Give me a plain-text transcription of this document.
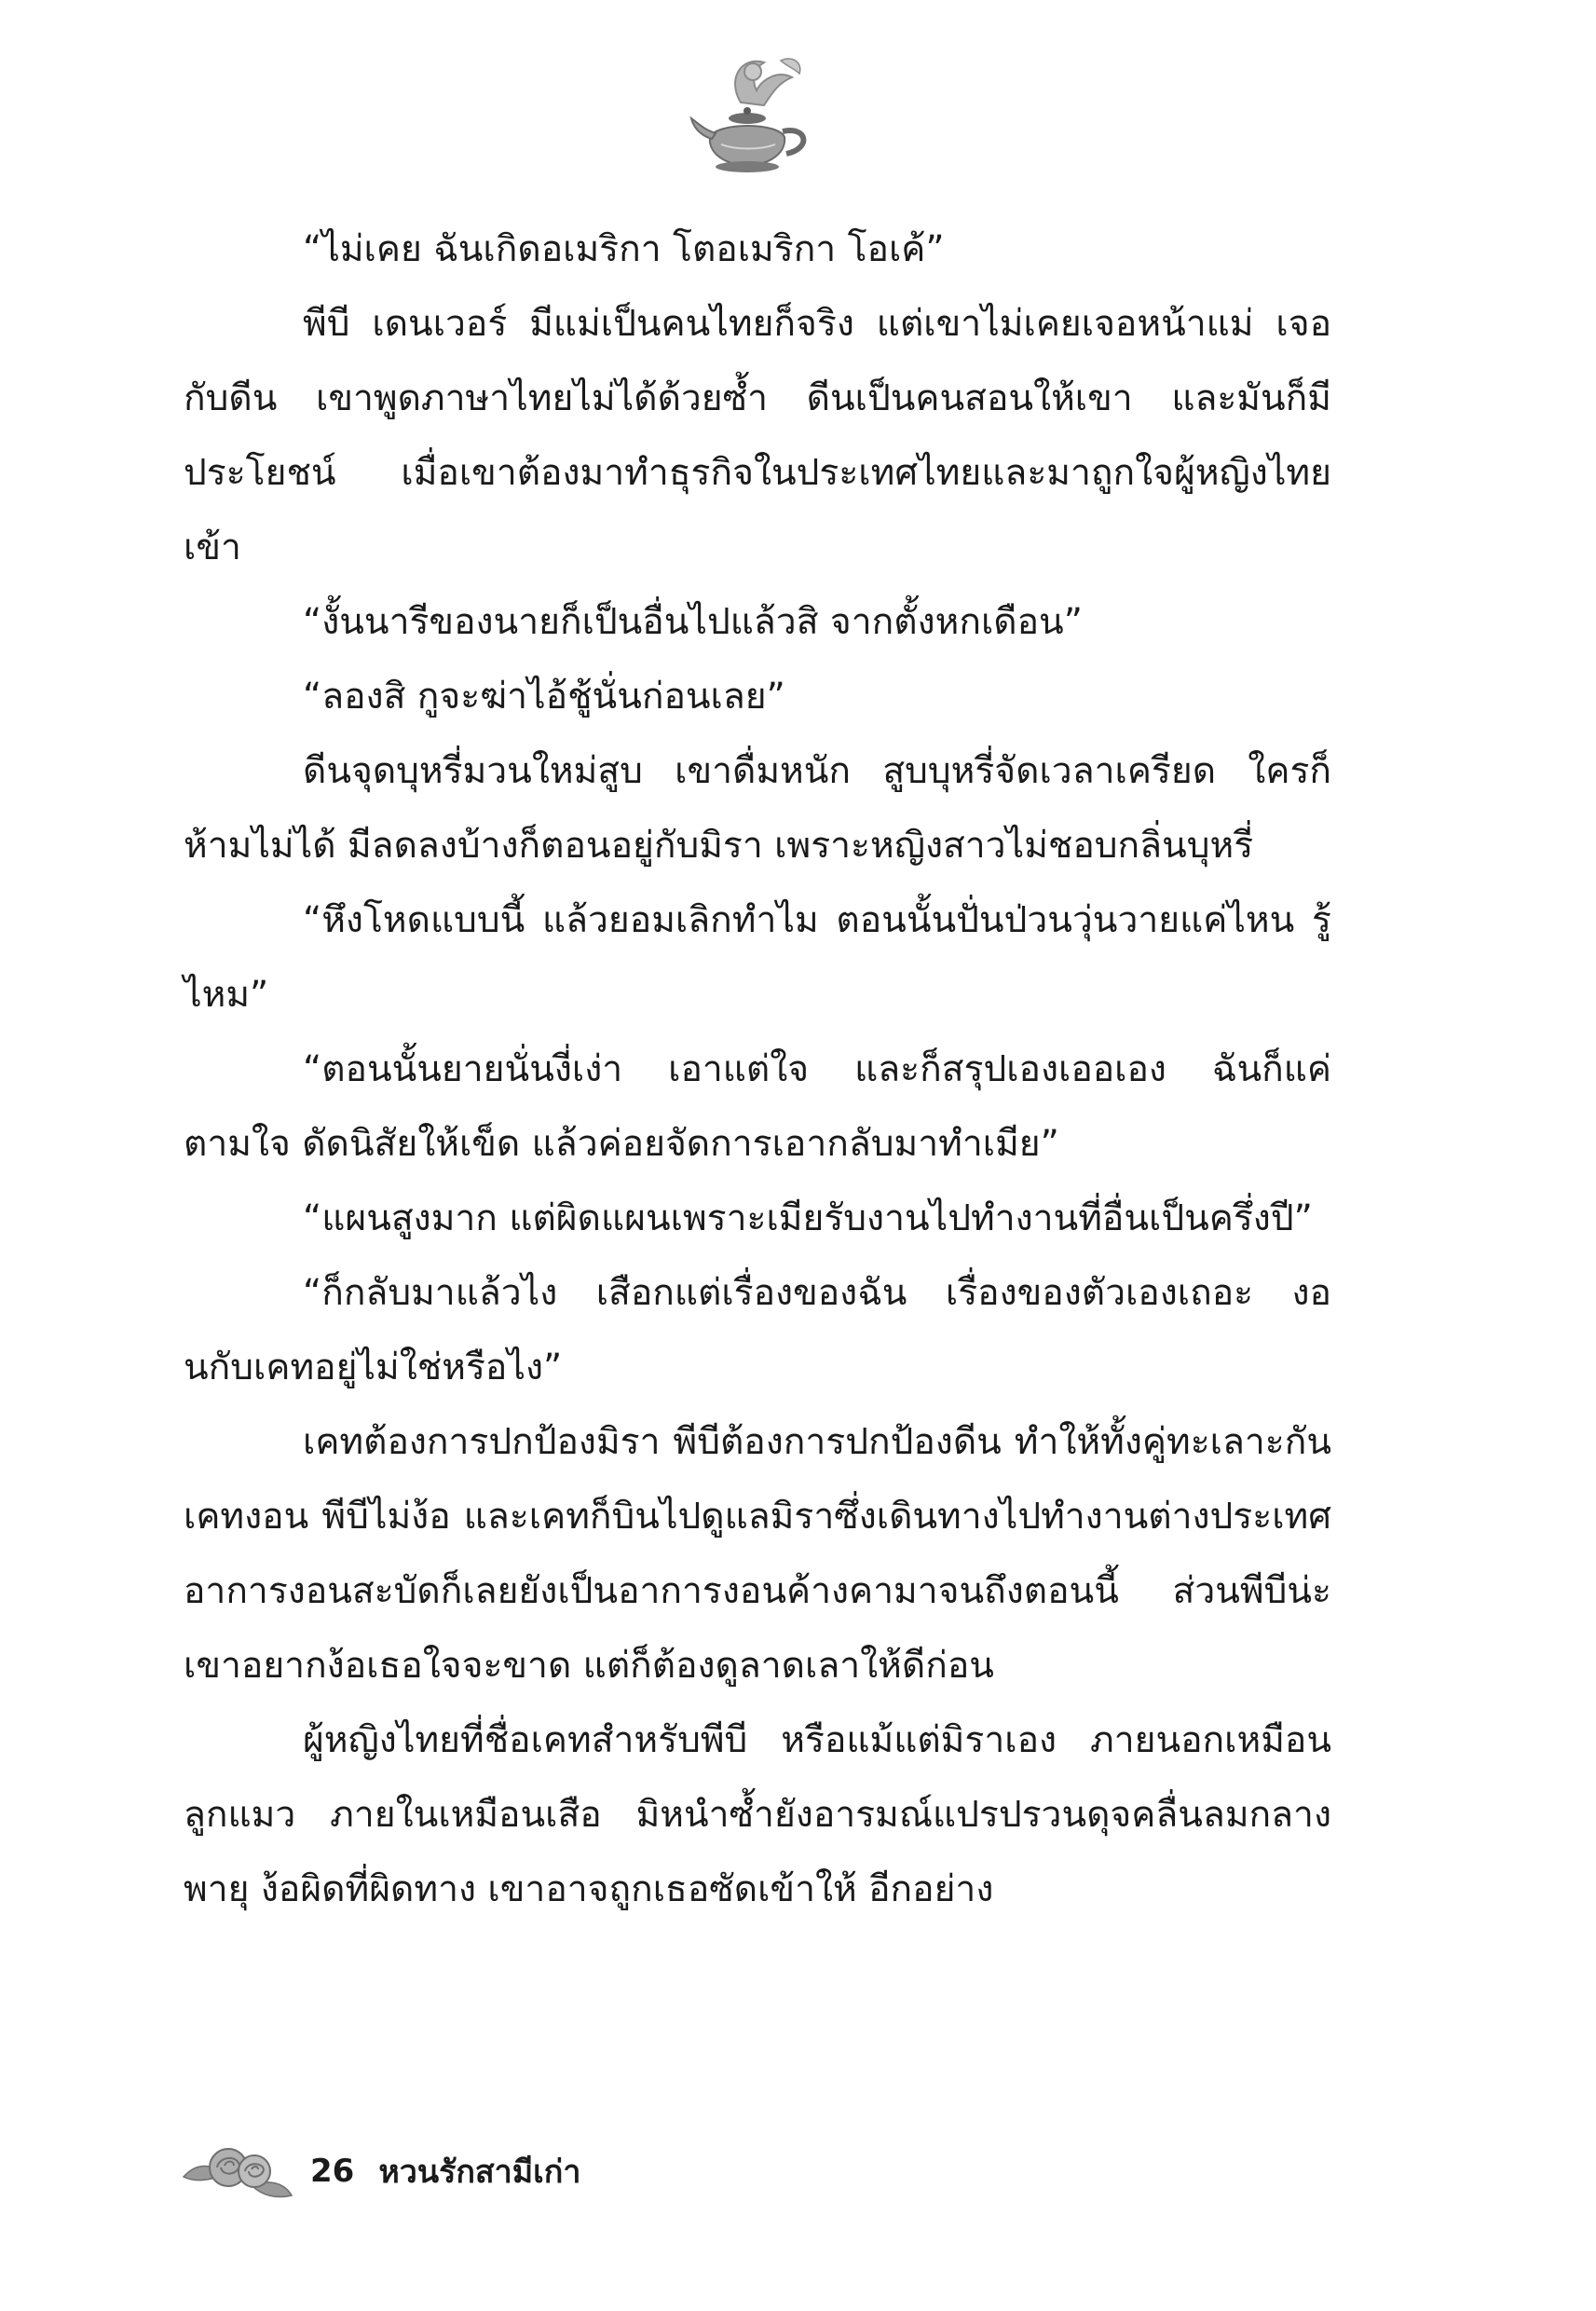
“ไม่เคย ฉันเกิดอเมริกา โตอเมริกา โอเค้”

พีบี เดนเวอร์ มีแม่เป็นคนไทยก็จริง แต่เขาไม่เคยเจอหน้าแม่ เจอกับดีน เขาพูดภาษาไทยไม่ได้ด้วยซ้ำ ดีนเป็นคนสอนให้เขา และมันก็มีประโยชน์ เมื่อเขาต้องมาทำธุรกิจในประเทศไทยและมาถูกใจผู้หญิงไทยเข้า

“งั้นนารีของนายก็เป็นอื่นไปแล้วสิ จากตั้งหกเดือน”

“ลองสิ กูจะฆ่าไอ้ชู้นั่นก่อนเลย”

ดีนจุดบุหรี่มวนใหม่สูบ เขาดื่มหนัก สูบบุหรี่จัดเวลาเครียด ใครก็ห้ามไม่ได้ มีลดลงบ้างก็ตอนอยู่กับมิรา เพราะหญิงสาวไม่ชอบกลิ่นบุหรี่

“หึงโหดแบบนี้ แล้วยอมเลิกทำไม ตอนนั้นปั่นป่วนวุ่นวายแค่ไหน รู้ไหม”

“ตอนนั้นยายนั่นงี่เง่า เอาแต่ใจ และก็สรุปเองเออเอง ฉันก็แค่ตามใจ ดัดนิสัยให้เข็ด แล้วค่อยจัดการเอากลับมาทำเมีย”

“แผนสูงมาก แต่ผิดแผนเพราะเมียรับงานไปทำงานที่อื่นเป็นครึ่งปี”

“ก็กลับมาแล้วไง เสือกแต่เรื่องของฉัน เรื่องของตัวเองเถอะ งอนกับเคทอยู่ไม่ใช่หรือไง”

เคทต้องการปกป้องมิรา พีบีต้องการปกป้องดีน ทำให้ทั้งคู่ทะเลาะกัน เคทงอน พีบีไม่ง้อ และเคทก็บินไปดูแลมิราซึ่งเดินทางไปทำงานต่างประเทศ อาการงอนสะบัดก็เลยยังเป็นอาการงอนค้างคามาจนถึงตอนนี้ ส่วนพีบีน่ะ เขาอยากง้อเธอใจจะขาด แต่ก็ต้องดูลาดเลาให้ดีก่อน

ผู้หญิงไทยที่ชื่อเคทสำหรับพีบี หรือแม้แต่มิราเอง ภายนอกเหมือนลูกแมว ภายในเหมือนเสือ มิหนำซ้ำยังอารมณ์แปรปรวนดุจคลื่นลมกลางพายุ ง้อผิดที่ผิดทาง เขาอาจถูกเธอซัดเข้าให้ อีกอย่าง

26 หวนรักสามีเก่า
